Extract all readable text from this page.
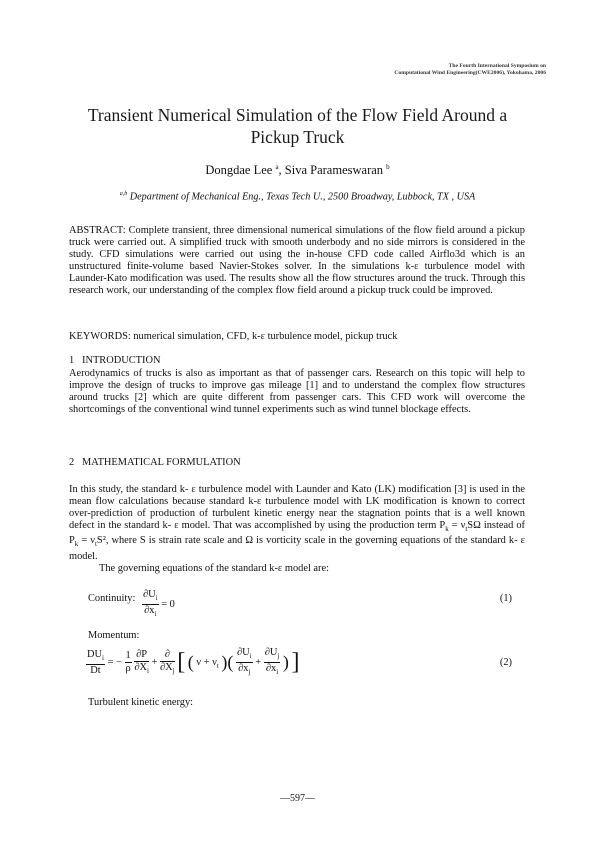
The Fourth International Symposium on
Computational Wind Engineering(CWE2006), Yokohama, 2006
Transient Numerical Simulation of the Flow Field Around a
Pickup Truck
Dongdae Lee $^a$, Siva Parameswaran $^b$
$^{a,b}$ Department of Mechanical Eng., Texas Tech U., 2500 Broadway, Lubbock, TX , USA
ABSTRACT: Complete transient, three dimensional numerical simulations of the flow field around a pickup truck were carried out. A simplified truck with smooth underbody and no side mirrors is considered in the study. CFD simulations were carried out using the in-house CFD code called Airflo3d which is an unstructured finite-volume based Navier-Stokes solver. In the simulations k-ε turbulence model with Launder-Kato modification was used. The results show all the flow structures around the truck. Through this research work, our understanding of the complex flow field around a pickup truck could be improved.
KEYWORDS: numerical simulation, CFD, k-ε turbulence model, pickup truck
1   INTRODUCTION
Aerodynamics of trucks is also as important as that of passenger cars. Research on this topic will help to improve the design of trucks to improve gas mileage [1] and to understand the complex flow structures around trucks [2] which are quite different from passenger cars. This CFD work will overcome the shortcomings of the conventional wind tunnel experiments such as wind tunnel blockage effects.
2   MATHEMATICAL FORMULATION
In this study, the standard k- ε turbulence model with Launder and Kato (LK) modification [3] is used in the mean flow calculations because standard k-ε turbulence model with LK modification is known to correct over-prediction of production of turbulent kinetic energy near the stagnation points that is a well known defect in the standard k- ε model. That was accomplished by using the production term $P_k = \nu_tS\Omega$ instead of $P_k = \nu_tS^2$, where S is strain rate scale and Ω is vorticity scale in the governing equations of the standard k- ε model.
The governing equations of the standard k-ε model are:
Continuity: $\frac{\partial U_i}{\partial x_i} = 0$
(1)
Momentum:
$\frac{DU_i}{Dt}$ = − $\frac{1}{\rho}$
$\frac{\partial P}{\partial X_i} + \frac{\partial}{\partial X_j}$ [ ( $\nu + \nu_t$ )( $\frac{\partial U_i}{\partial x_j} + \frac{\partial U_j}{\partial x_i}$ ) ]	(2)
Turbulent kinetic energy:
—597—
